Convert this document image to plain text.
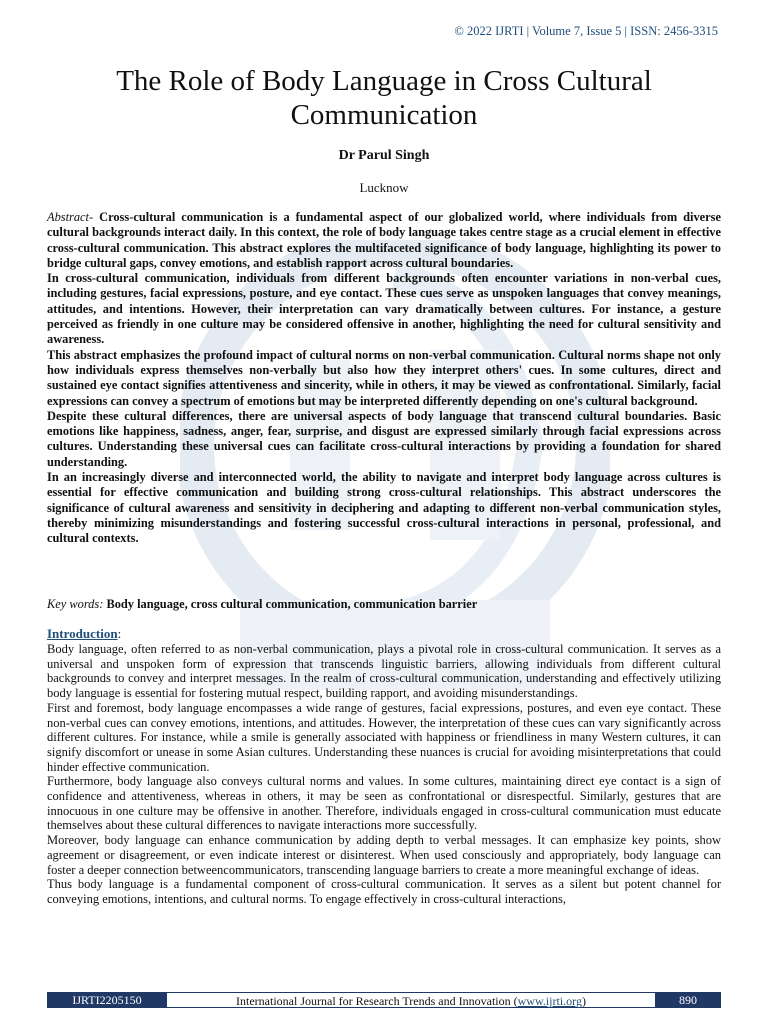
© 2022 IJRTI | Volume 7, Issue 5 | ISSN: 2456-3315
The Role of Body Language in Cross Cultural Communication
Dr Parul Singh
Lucknow

Abstract- Cross-cultural communication is a fundamental aspect of our globalized world, where individuals from diverse cultural backgrounds interact daily. In this context, the role of body language takes centre stage as a crucial element in effective cross-cultural communication. This abstract explores the multifaceted significance of body language, highlighting its power to bridge cultural gaps, convey emotions, and establish rapport across cultural boundaries.

In cross-cultural communication, individuals from different backgrounds often encounter variations in non-verbal cues, including gestures, facial expressions, posture, and eye contact. These cues serve as unspoken languages that convey meanings, attitudes, and intentions. However, their interpretation can vary dramatically between cultures. For instance, a gesture perceived as friendly in one culture may be considered offensive in another, highlighting the need for cultural sensitivity and awareness.

This abstract emphasizes the profound impact of cultural norms on non-verbal communication. Cultural norms shape not only how individuals express themselves non-verbally but also how they interpret others' cues. In some cultures, direct and sustained eye contact signifies attentiveness and sincerity, while in others, it may be viewed as confrontational. Similarly, facial expressions can convey a spectrum of emotions but may be interpreted differently depending on one's cultural background.

Despite these cultural differences, there are universal aspects of body language that transcend cultural boundaries. Basic emotions like happiness, sadness, anger, fear, surprise, and disgust are expressed similarly through facial expressions across cultures. Understanding these universal cues can facilitate cross-cultural interactions by providing a foundation for shared understanding.

In an increasingly diverse and interconnected world, the ability to navigate and interpret body language across cultures is essential for effective communication and building strong cross-cultural relationships. This abstract underscores the significance of cultural awareness and sensitivity in deciphering and adapting to different non-verbal communication styles, thereby minimizing misunderstandings and fostering successful cross-cultural interactions in personal, professional, and cultural contexts.

Key words: Body language, cross cultural communication, communication barrier
Introduction:

Body language, often referred to as non-verbal communication, plays a pivotal role in cross-cultural communication. It serves as a universal and unspoken form of expression that transcends linguistic barriers, allowing individuals from different cultural backgrounds to convey and interpret messages. In the realm of cross-cultural communication, understanding and effectively utilizing body language is essential for fostering mutual respect, building rapport, and avoiding misunderstandings.

First and foremost, body language encompasses a wide range of gestures, facial expressions, postures, and even eye contact. These non-verbal cues can convey emotions, intentions, and attitudes. However, the interpretation of these cues can vary significantly across different cultures. For instance, while a smile is generally associated with happiness or friendliness in many Western cultures, it can signify discomfort or unease in some Asian cultures. Understanding these nuances is crucial for avoiding misinterpretations that could hinder effective communication.

Furthermore, body language also conveys cultural norms and values. In some cultures, maintaining direct eye contact is a sign of confidence and attentiveness, whereas in others, it may be seen as confrontational or disrespectful. Similarly, gestures that are innocuous in one culture may be offensive in another. Therefore, individuals engaged in cross-cultural communication must educate themselves about these cultural differences to navigate interactions more successfully.

Moreover, body language can enhance communication by adding depth to verbal messages. It can emphasize key points, show agreement or disagreement, or even indicate interest or disinterest. When used consciously and appropriately, body language can foster a deeper connection betweencommunicators, transcending language barriers to create a more meaningful exchange of ideas.

Thus body language is a fundamental component of cross-cultural communication. It serves as a silent but potent channel for conveying emotions, intentions, and cultural norms. To engage effectively in cross-cultural interactions,

IJRTI2205150	International Journal for Research Trends and Innovation (www.ijrti.org)	890
